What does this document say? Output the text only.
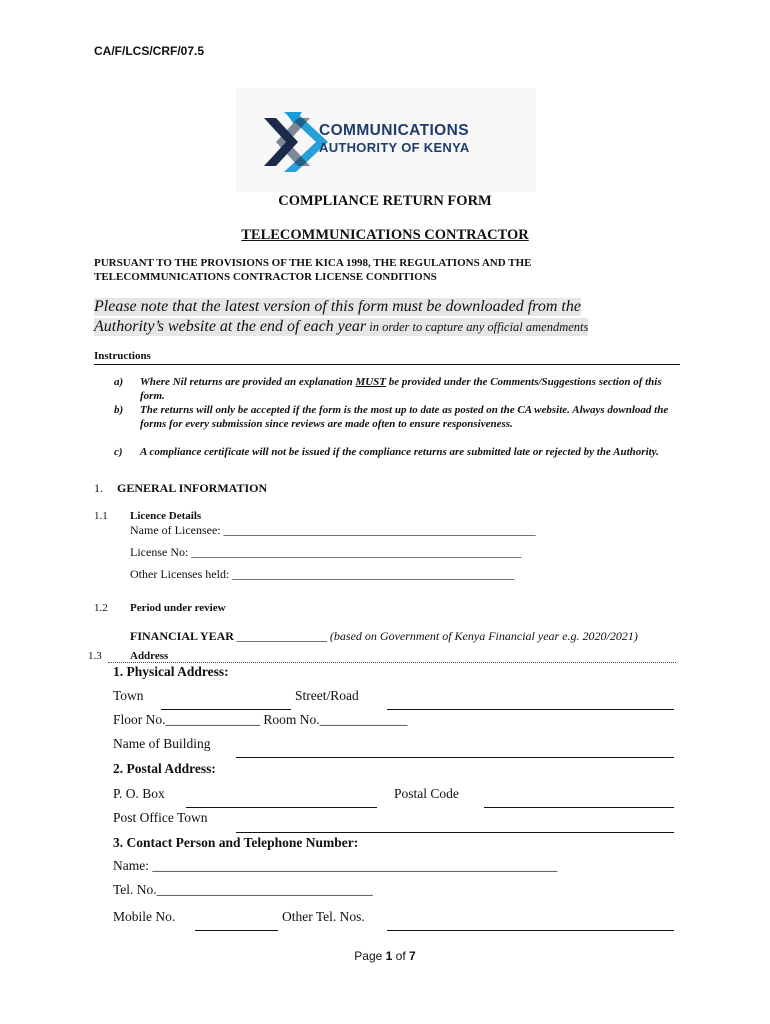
CA/F/LCS/CRF/07.5
COMMUNICATIONS
AUTHORITY OF KENYA
COMPLIANCE RETURN FORM
TELECOMMUNICATIONS CONTRACTOR
PURSUANT TO THE PROVISIONS OF THE KICA 1998, THE REGULATIONS AND THE
TELECOMMUNICATIONS CONTRACTOR LICENSE CONDITIONS
Please note that the latest version of this form must be downloaded from the
Authority’s website at the end of each year in order to capture any official amendments
Instructions
a) Where Nil returns are provided an explanation MUST be provided under the Comments/Suggestions section of this form.
b) The returns will only be accepted if the form is the most up to date as posted on the CA website. Always download the forms for every submission since reviews are made often to ensure responsiveness.
c) A compliance certificate will not be issued if the compliance returns are submitted late or rejected by the Authority.
1. GENERAL INFORMATION
1.1 Licence Details
Name of Licensee: ____________________________________________________
License No: _______________________________________________________
Other Licenses held: _______________________________________________
1.2 Period under review
FINANCIAL YEAR _______________ (based on Government of Kenya Financial year e.g. 2020/2021)
1.3	Address
1. Physical Address:
Town	Street/Road
Floor No.______________ Room No._____________
Name of Building
2. Postal Address:
P. O. Box	Postal Code
Post Office Town
3. Contact Person and Telephone Number:
Name: ____________________________________________________________
Tel. No.________________________________
Mobile No.	Other Tel. Nos.
Page 1 of 7
